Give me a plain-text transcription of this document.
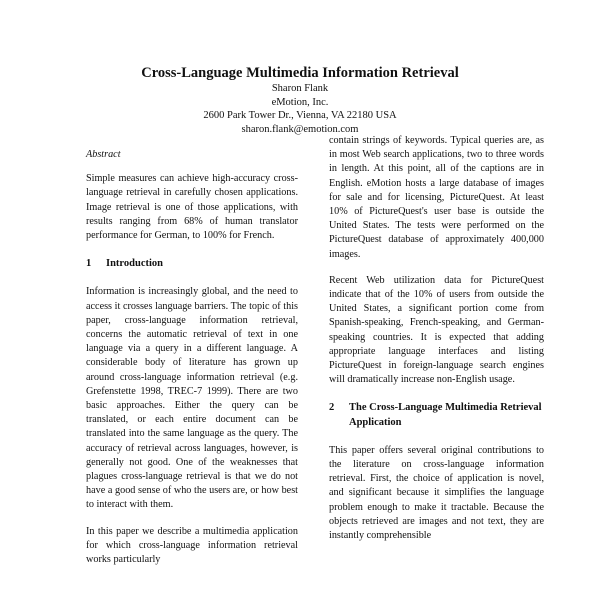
Cross-Language Multimedia Information Retrieval
Sharon Flank
eMotion, Inc.
2600 Park Tower Dr., Vienna, VA 22180 USA
sharon.flank@emotion.com
Abstract

Simple measures can achieve high-accuracy cross-language retrieval in carefully chosen applications. Image retrieval is one of those applications, with results ranging from 68% of human translator performance for German, to 100% for French.

1	Introduction

Information is increasingly global, and the need to access it crosses language barriers. The topic of this paper, cross-language information retrieval, concerns the automatic retrieval of text in one language via a query in a different language. A considerable body of literature has grown up around cross-language information retrieval (e.g. Grefenstette 1998, TREC-7 1999). There are two basic approaches. Either the query can be translated, or each entire document can be translated into the same language as the query. The accuracy of retrieval across languages, however, is generally not good. One of the weaknesses that plagues cross-language retrieval is that we do not have a good sense of who the users are, or how best to interact with them.

In this paper we describe a multimedia application for which cross-language information retrieval works particularly

contain strings of keywords. Typical queries are, as in most Web search applications, two to three words in length. At this point, all of the captions are in English. eMotion hosts a large database of images for sale and for licensing, PictureQuest. At least 10% of PictureQuest's user base is outside the United States. The tests were performed on the PictureQuest database of approximately 400,000 images.

Recent Web utilization data for PictureQuest indicate that of the 10% of users from outside the United States, a significant portion come from Spanish-speaking, French-speaking, and German-speaking countries. It is expected that adding appropriate language interfaces and listing PictureQuest in foreign-language search engines will dramatically increase non-English usage.

2	The Cross-Language Multimedia Retrieval Application

This paper offers several original contributions to the literature on cross-language information retrieval. First, the choice of application is novel, and significant because it simplifies the language problem enough to make it tractable. Because the objects retrieved are images and not text, they are instantly comprehensible
